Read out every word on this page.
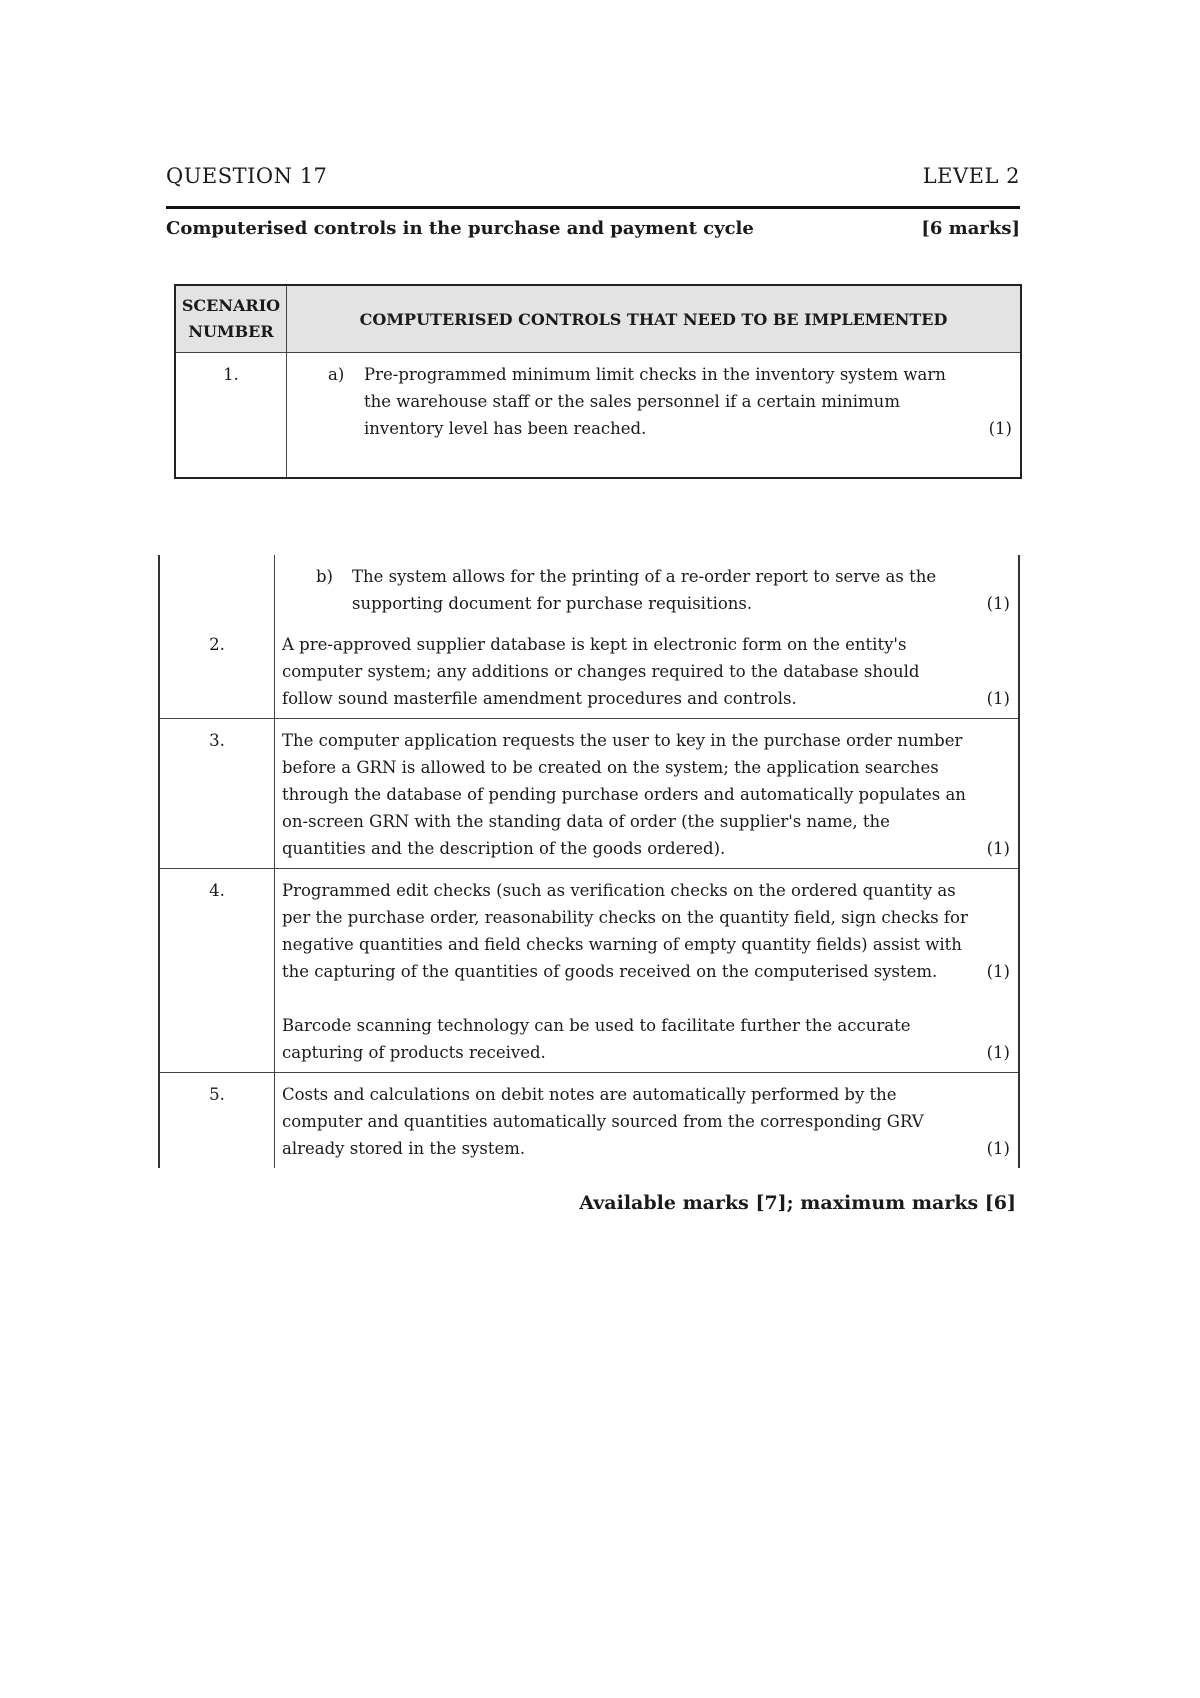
QUESTION 17	LEVEL 2
Computerised controls in the purchase and payment cycle	[6 marks]
SCENARIO
NUMBER	COMPUTERISED CONTROLS THAT NEED TO BE IMPLEMENTED
1.	a) Pre-programmed minimum limit checks in the inventory system warn the warehouse staff or the sales personnel if a certain minimum inventory level has been reached. (1)

	b) The system allows for the printing of a re-order report to serve as the supporting document for purchase requisitions. (1)

2.	A pre-approved supplier database is kept in electronic form on the entity's computer system; any additions or changes required to the database should follow sound masterfile amendment procedures and controls. (1)

3.	The computer application requests the user to key in the purchase order number before a GRN is allowed to be created on the system; the application searches through the database of pending purchase orders and automatically populates an on-screen GRN with the standing data of order (the supplier's name, the quantities and the description of the goods ordered). (1)

4.	Programmed edit checks (such as verification checks on the ordered quantity as per the purchase order, reasonability checks on the quantity field, sign checks for negative quantities and field checks warning of empty quantity fields) assist with the capturing of the quantities of goods received on the computerised system. (1)
Barcode scanning technology can be used to facilitate further the accurate capturing of products received. (1)

5.	Costs and calculations on debit notes are automatically performed by the computer and quantities automatically sourced from the corresponding GRV already stored in the system. (1)
Available marks [7]; maximum marks [6]
